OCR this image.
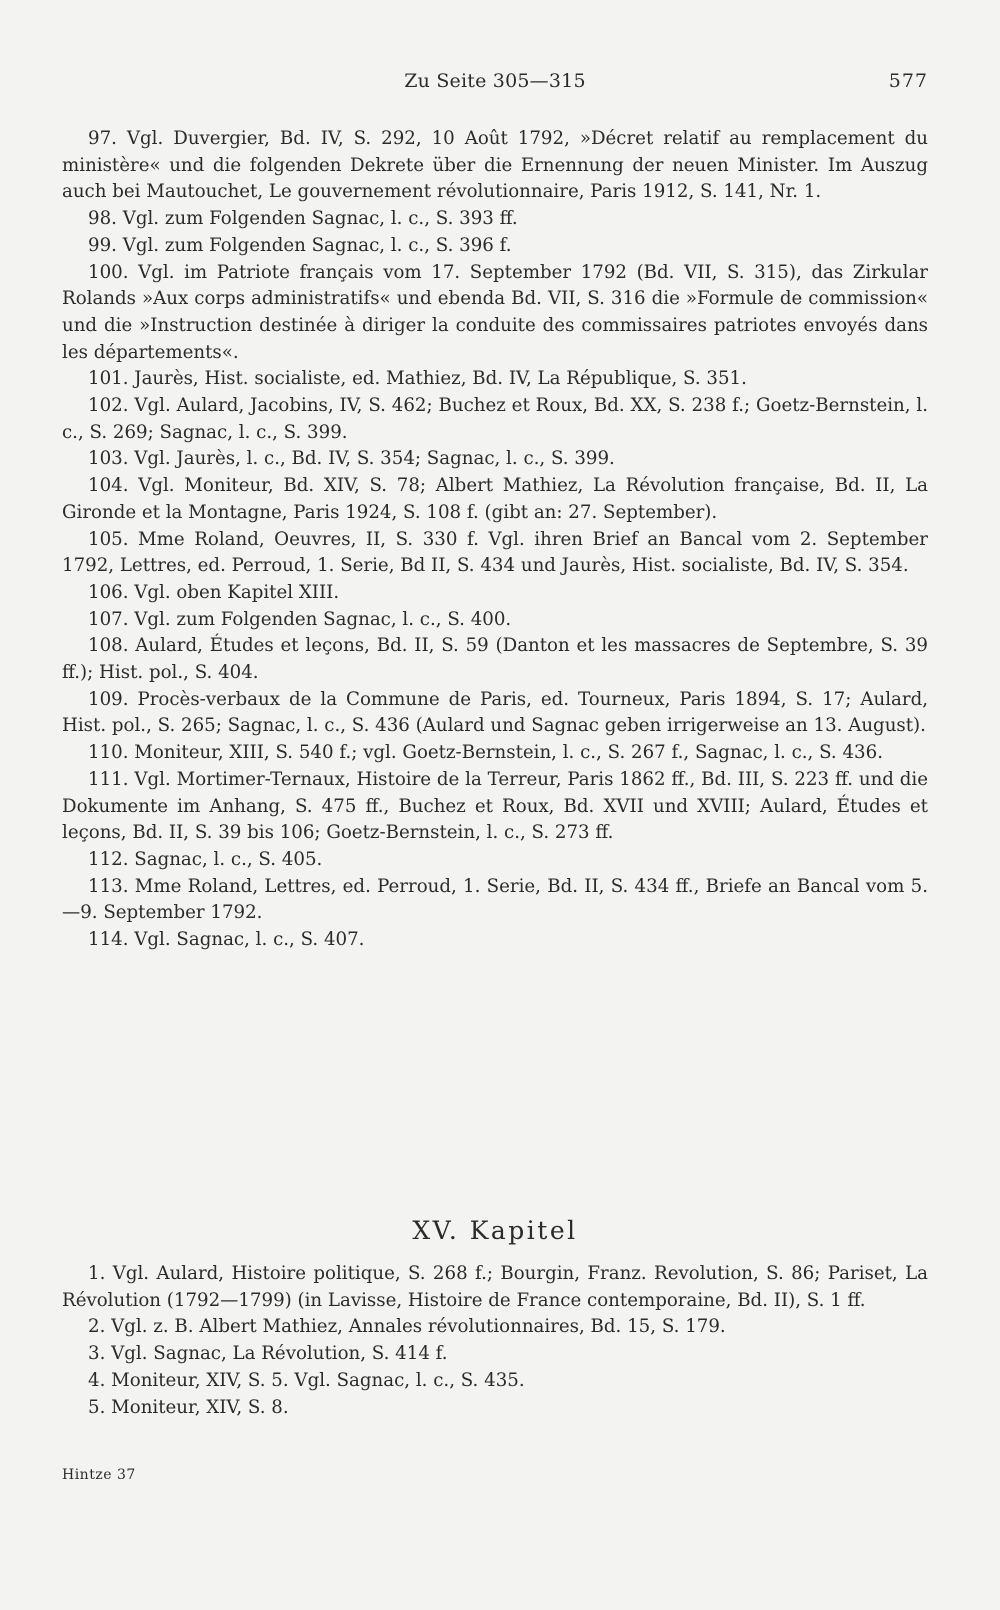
Zu Seite 305—315	577

97. Vgl. Duvergier, Bd. IV, S. 292, 10 Août 1792, »Décret relatif au remplacement du ministère« und die folgenden Dekrete über die Ernennung der neuen Minister. Im Auszug auch bei Mautouchet, Le gouvernement révolutionnaire, Paris 1912, S. 141, Nr. 1.

98. Vgl. zum Folgenden Sagnac, l. c., S. 393 ff.

99. Vgl. zum Folgenden Sagnac, l. c., S. 396 f.

100. Vgl. im Patriote français vom 17. September 1792 (Bd. VII, S. 315), das Zirkular Rolands »Aux corps administratifs« und ebenda Bd. VII, S. 316 die »Formule de commission« und die »Instruction destinée à diriger la conduite des commissaires patriotes envoyés dans les départements«.

101. Jaurès, Hist. socialiste, ed. Mathiez, Bd. IV, La République, S. 351.

102. Vgl. Aulard, Jacobins, IV, S. 462; Buchez et Roux, Bd. XX, S. 238 f.; Goetz-Bernstein, l. c., S. 269; Sagnac, l. c., S. 399.

103. Vgl. Jaurès, l. c., Bd. IV, S. 354; Sagnac, l. c., S. 399.

104. Vgl. Moniteur, Bd. XIV, S. 78; Albert Mathiez, La Révolution française, Bd. II, La Gironde et la Montagne, Paris 1924, S. 108 f. (gibt an: 27. September).

105. Mme Roland, Oeuvres, II, S. 330 f. Vgl. ihren Brief an Bancal vom 2. September 1792, Lettres, ed. Perroud, 1. Serie, Bd II, S. 434 und Jaurès, Hist. socialiste, Bd. IV, S. 354.

106. Vgl. oben Kapitel XIII.

107. Vgl. zum Folgenden Sagnac, l. c., S. 400.

108. Aulard, Études et leçons, Bd. II, S. 59 (Danton et les massacres de Septembre, S. 39 ff.); Hist. pol., S. 404.

109. Procès-verbaux de la Commune de Paris, ed. Tourneux, Paris 1894, S. 17; Aulard, Hist. pol., S. 265; Sagnac, l. c., S. 436 (Aulard und Sagnac geben irrigerweise an 13. August).

110. Moniteur, XIII, S. 540 f.; vgl. Goetz-Bernstein, l. c., S. 267 f., Sagnac, l. c., S. 436.

111. Vgl. Mortimer-Ternaux, Histoire de la Terreur, Paris 1862 ff., Bd. III, S. 223 ff. und die Dokumente im Anhang, S. 475 ff., Buchez et Roux, Bd. XVII und XVIII; Aulard, Études et leçons, Bd. II, S. 39 bis 106; Goetz-Bernstein, l. c., S. 273 ff.

112. Sagnac, l. c., S. 405.

113. Mme Roland, Lettres, ed. Perroud, 1. Serie, Bd. II, S. 434 ff., Briefe an Bancal vom 5.—9. September 1792.

114. Vgl. Sagnac, l. c., S. 407.

XV. Kapitel

1. Vgl. Aulard, Histoire politique, S. 268 f.; Bourgin, Franz. Revolution, S. 86; Pariset, La Révolution (1792—1799) (in Lavisse, Histoire de France contemporaine, Bd. II), S. 1 ff.

2. Vgl. z. B. Albert Mathiez, Annales révolutionnaires, Bd. 15, S. 179.

3. Vgl. Sagnac, La Révolution, S. 414 f.

4. Moniteur, XIV, S. 5. Vgl. Sagnac, l. c., S. 435.

5. Moniteur, XIV, S. 8.

Hintze 37
